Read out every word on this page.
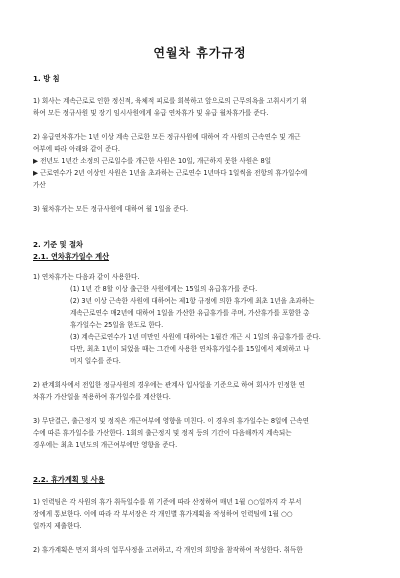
연월차 휴가규정
1. 방 침
1) 회사는 계속근로로 인한 정신적, 육체적 피로를 회복하고 앞으로의 근무의욕을 고취시키기 위
하여 모든 정규사원 및 장기 임시사원에게 유급 연차휴가 및 유급 월차휴가를 준다.
2) 유급연차휴가는 1년 이상 계속 근로한 모든 정규사원에 대하여 각 사원의 근속연수 및 개근
여부에 따라 아래와 같이 준다.
▶ 전년도 1년간 소정의 근로일수를 개근한 사원은 10일, 개근하지 못한 사원은 8일
▶ 근로연수가 2년 이상인 사원은 1년을 초과하는 근로연수 1년마다 1일씩을 전항의 휴가일수에
가산
3) 월차휴가는 모든 정규사원에 대하여 월 1일을 준다.
2. 기준 및 절차
2.1. 연차휴가일수 계산
1) 연차휴가는 다음과 같이 사용한다.
(1) 1년 간 8할 이상 출근한 사원에게는 15일의 유급휴가를 준다.
(2) 3년 이상 근속한 사원에 대하여는 제1항 규정에 의한 휴가에 최초 1년을 초과하는
계속근로연수 매2년에 대하여 1일을 가산한 유급휴가를 주며, 가산휴가를 포함한 총
휴가일수는 25일을 한도로 한다.
(3) 계속근로연수가 1년 미만인 사원에 대하여는 1월간 개근 시 1일의 유급휴가를 준다.
다만, 최초 1년이 되었을 때는 그간에 사용한 연차휴가일수를 15일에서 제외하고 나
머지 일수를 준다.
2) 관계회사에서 전입한 정규사원의 경우에는 관계사 입사일을 기준으로 하여 회사가 인정한 연
차휴가 가산일을 적용하여 휴가일수를 계산한다.
3) 무단결근, 출근정지 및 정직은 개근여부에 영향을 미친다. 이 경우의 휴가일수는 8일에 근속연
수에 따른 휴가일수를 가산한다. 1회의 출근정지 및 정직 등의 기간이 다음해까지 계속되는
경우에는 최초 1년도의 개근여부에만 영향을 준다.
2.2. 휴가계획 및 사용
1) 인력팀은 각 사원의 휴가 취득일수를 위 기준에 따라 산정하여 매년 1월 ○○일까지 각 부서
장에게 통보한다. 이에 따라 각 부서장은 각 개인별 휴가계획을 작성하여 인력팀에 1월 ○○
일까지 제출한다.
2) 휴가계획은 먼저 회사의 업무사정을 고려하고, 각 개인의 희망을 참작하여 작성한다. 취득한
